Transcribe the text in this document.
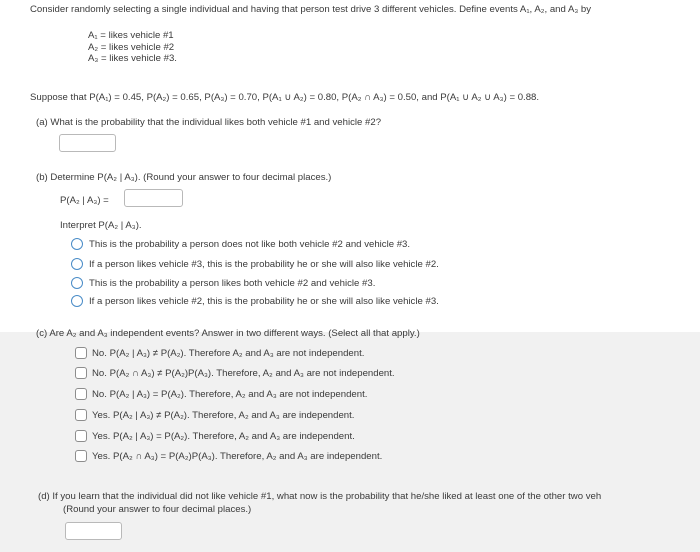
Consider randomly selecting a single individual and having that person test drive 3 different vehicles. Define events A₁, A₂, and A₃ by
A₁ = likes vehicle #1
A₂ = likes vehicle #2
A₃ = likes vehicle #3.
Suppose that P(A₁) = 0.45, P(A₂) = 0.65, P(A₃) = 0.70, P(A₁ ∪ A₂) = 0.80, P(A₂ ∩ A₃) = 0.50, and P(A₁ ∪ A₂ ∪ A₃) = 0.88.
(a) What is the probability that the individual likes both vehicle #1 and vehicle #2?
(b) Determine P(A₂ | A₃). (Round your answer to four decimal places.)
P(A₂ | A₃) =
Interpret P(A₂ | A₃).
This is the probability a person does not like both vehicle #2 and vehicle #3.
If a person likes vehicle #3, this is the probability he or she will also like vehicle #2.
This is the probability a person likes both vehicle #2 and vehicle #3.
If a person likes vehicle #2, this is the probability he or she will also like vehicle #3.
(c) Are A₂ and A₃ independent events? Answer in two different ways. (Select all that apply.)
No. P(A₂ | A₃) ≠ P(A₂). Therefore A₂ and A₃ are not independent.
No. P(A₂ ∩ A₃) ≠ P(A₂)P(A₃). Therefore, A₂ and A₃ are not independent.
No. P(A₂ | A₃) = P(A₂). Therefore, A₂ and A₃ are not independent.
Yes. P(A₂ | A₃) ≠ P(A₂). Therefore, A₂ and A₃ are independent.
Yes. P(A₂ | A₃) = P(A₂). Therefore, A₂ and A₃ are independent.
Yes. P(A₂ ∩ A₃) = P(A₂)P(A₃). Therefore, A₂ and A₃ are independent.
(d) If you learn that the individual did not like vehicle #1, what now is the probability that he/she liked at least one of the other two veh
(Round your answer to four decimal places.)
